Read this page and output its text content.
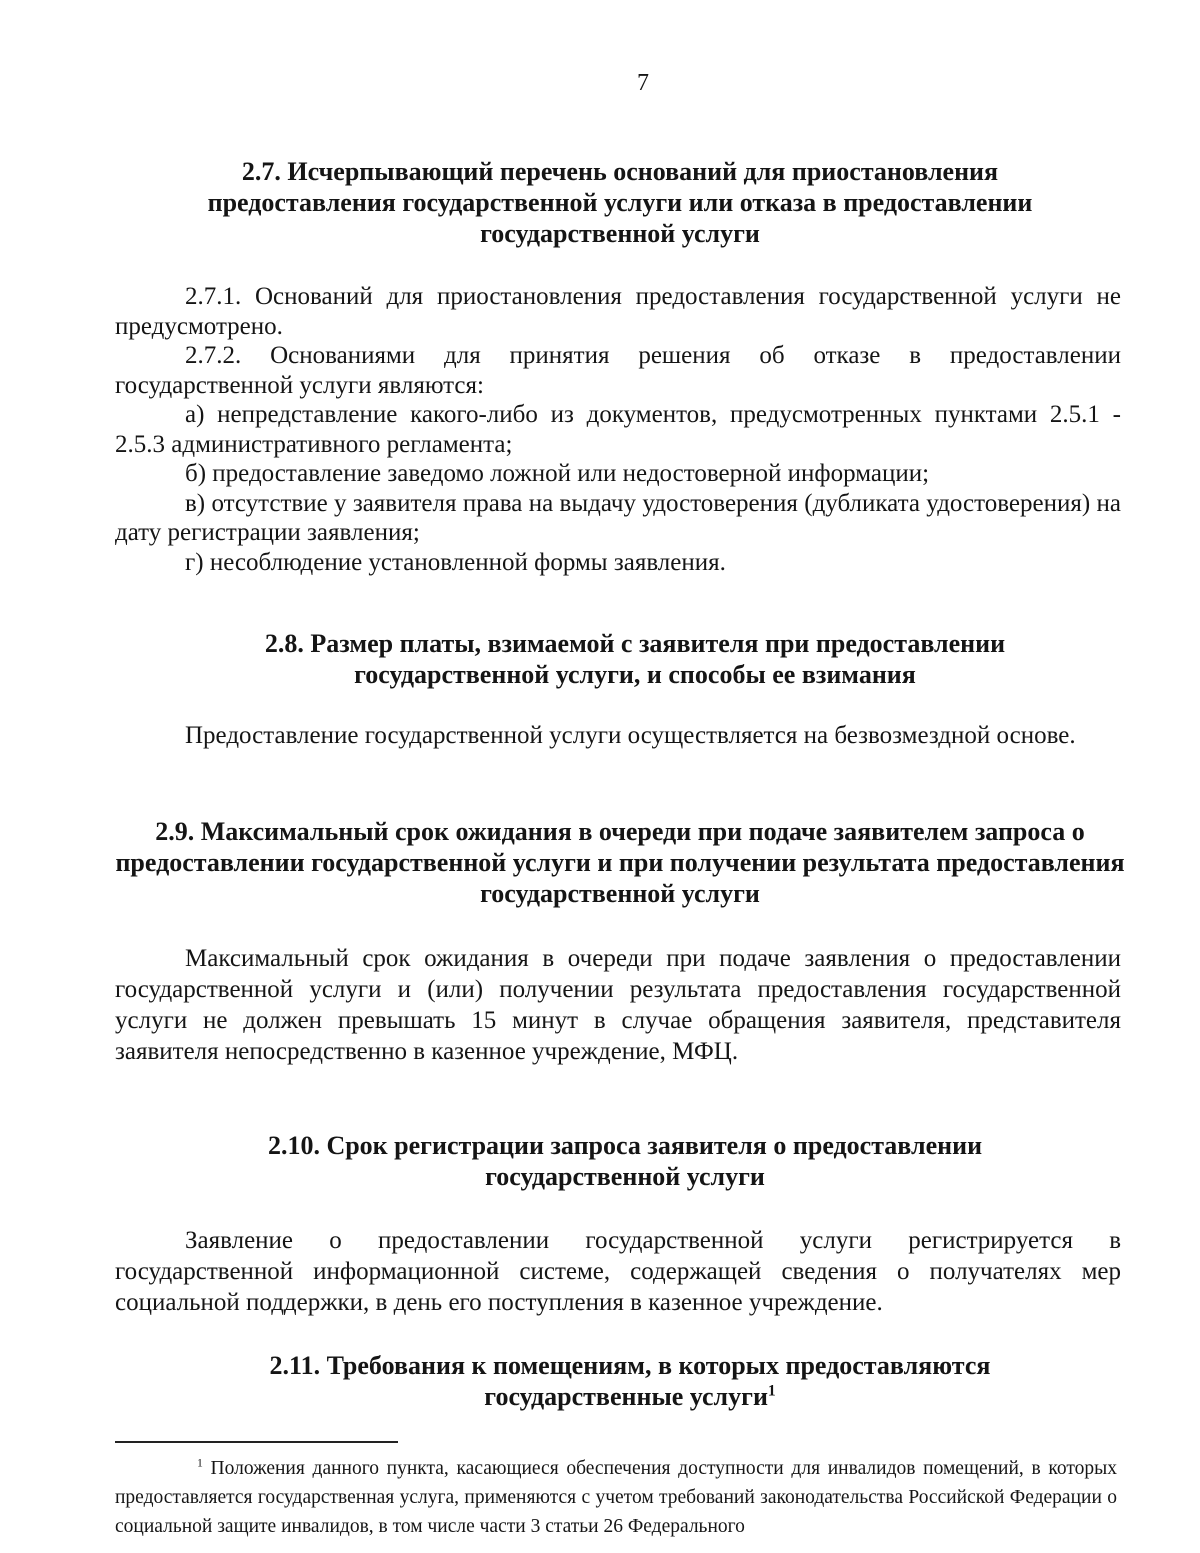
7
2.7. Исчерпывающий перечень оснований для приостановления предоставления государственной услуги или отказа в предоставлении государственной услуги

2.7.1. Оснований для приостановления предоставления государственной услуги не предусмотрено.

2.7.2. Основаниями для принятия решения об отказе в предоставлении государственной услуги являются:

а) непредставление какого-либо из документов, предусмотренных пунктами 2.5.1 - 2.5.3 административного регламента;

б) предоставление заведомо ложной или недостоверной информации;

в) отсутствие у заявителя права на выдачу удостоверения (дубликата удостоверения) на дату регистрации заявления;

г) несоблюдение установленной формы заявления.

2.8. Размер платы, взимаемой с заявителя при предоставлении государственной услуги, и способы ее взимания

Предоставление государственной услуги осуществляется на безвозмездной основе.

2.9. Максимальный срок ожидания в очереди при подаче заявителем запроса о предоставлении государственной услуги и при получении результата предоставления государственной услуги

Максимальный срок ожидания в очереди при подаче заявления о предоставлении государственной услуги и (или) получении результата предоставления государственной услуги не должен превышать 15 минут в случае обращения заявителя, представителя заявителя непосредственно в казенное учреждение, МФЦ.

2.10. Срок регистрации запроса заявителя о предоставлении государственной услуги

Заявление о предоставлении государственной услуги регистрируется в государственной информационной системе, содержащей сведения о получателях мер социальной поддержки, в день его поступления в казенное учреждение.

2.11. Требования к помещениям, в которых предоставляются государственные услуги$^1$
$^1$ Положения данного пункта, касающиеся обеспечения доступности для инвалидов помещений, в которых предоставляется государственная услуга, применяются с учетом требований законодательства Российской Федерации о социальной защите инвалидов, в том числе части 3 статьи 26 Федерального
